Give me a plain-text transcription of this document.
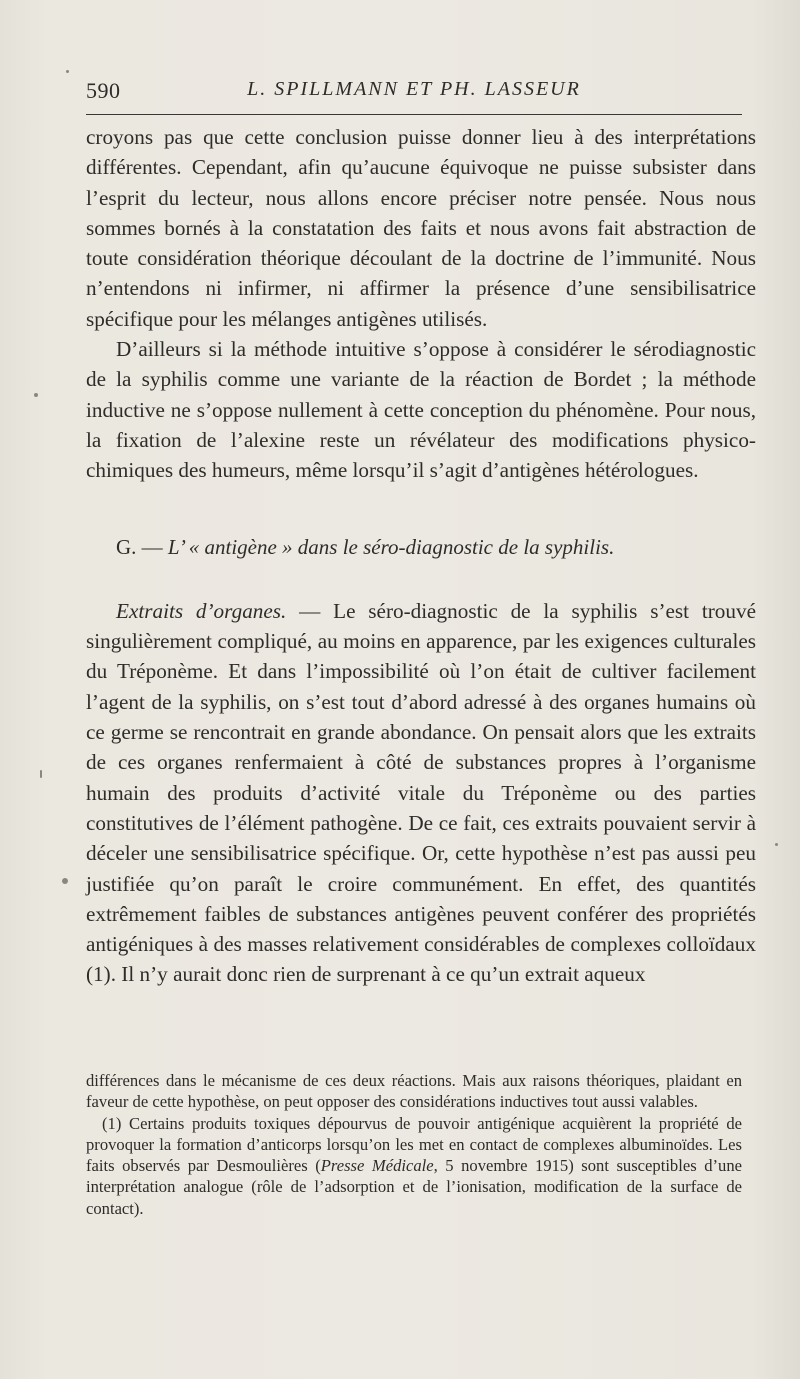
590	L. SPILLMANN ET PH. LASSEUR

croyons pas que cette conclusion puisse donner lieu à des interprétations différentes. Cependant, afin qu’aucune équivoque ne puisse subsister dans l’esprit du lecteur, nous allons encore préciser notre pensée. Nous nous sommes bornés à la constatation des faits et nous avons fait abstraction de toute considération théorique découlant de la doctrine de l’immunité. Nous n’entendons ni infirmer, ni affirmer la présence d’une sensibilisatrice spécifique pour les mélanges antigènes utilisés.

D’ailleurs si la méthode intuitive s’oppose à considérer le sérodiagnostic de la syphilis comme une variante de la réaction de Bordet ; la méthode inductive ne s’oppose nullement à cette conception du phénomène. Pour nous, la fixation de l’alexine reste un révélateur des modifications physico-chimiques des humeurs, même lorsqu’il s’agit d’antigènes hétérologues.

G. — L’ « antigène » dans le séro-diagnostic de la syphilis.

Extraits d’organes. — Le séro-diagnostic de la syphilis s’est trouvé singulièrement compliqué, au moins en apparence, par les exigences culturales du Tréponème. Et dans l’impossibilité où l’on était de cultiver facilement l’agent de la syphilis, on s’est tout d’abord adressé à des organes humains où ce germe se rencontrait en grande abondance. On pensait alors que les extraits de ces organes renfermaient à côté de substances propres à l’organisme humain des produits d’activité vitale du Tréponème ou des parties constitutives de l’élément pathogène. De ce fait, ces extraits pouvaient servir à déceler une sensibilisatrice spécifique. Or, cette hypothèse n’est pas aussi peu justifiée qu’on paraît le croire communément. En effet, des quantités extrêmement faibles de substances antigènes peuvent conférer des propriétés antigéniques à des masses relativement considérables de complexes colloïdaux (1). Il n’y aurait donc rien de surprenant à ce qu’un extrait aqueux

différences dans le mécanisme de ces deux réactions. Mais aux raisons théoriques, plaidant en faveur de cette hypothèse, on peut opposer des considérations inductives tout aussi valables.

(1) Certains produits toxiques dépourvus de pouvoir antigénique acquièrent la propriété de provoquer la formation d’anticorps lorsqu’on les met en contact de complexes albuminoïdes. Les faits observés par Desmoulières (Presse Médicale, 5 novembre 1915) sont susceptibles d’une interprétation analogue (rôle de l’adsorption et de l’ionisation, modification de la surface de contact).
